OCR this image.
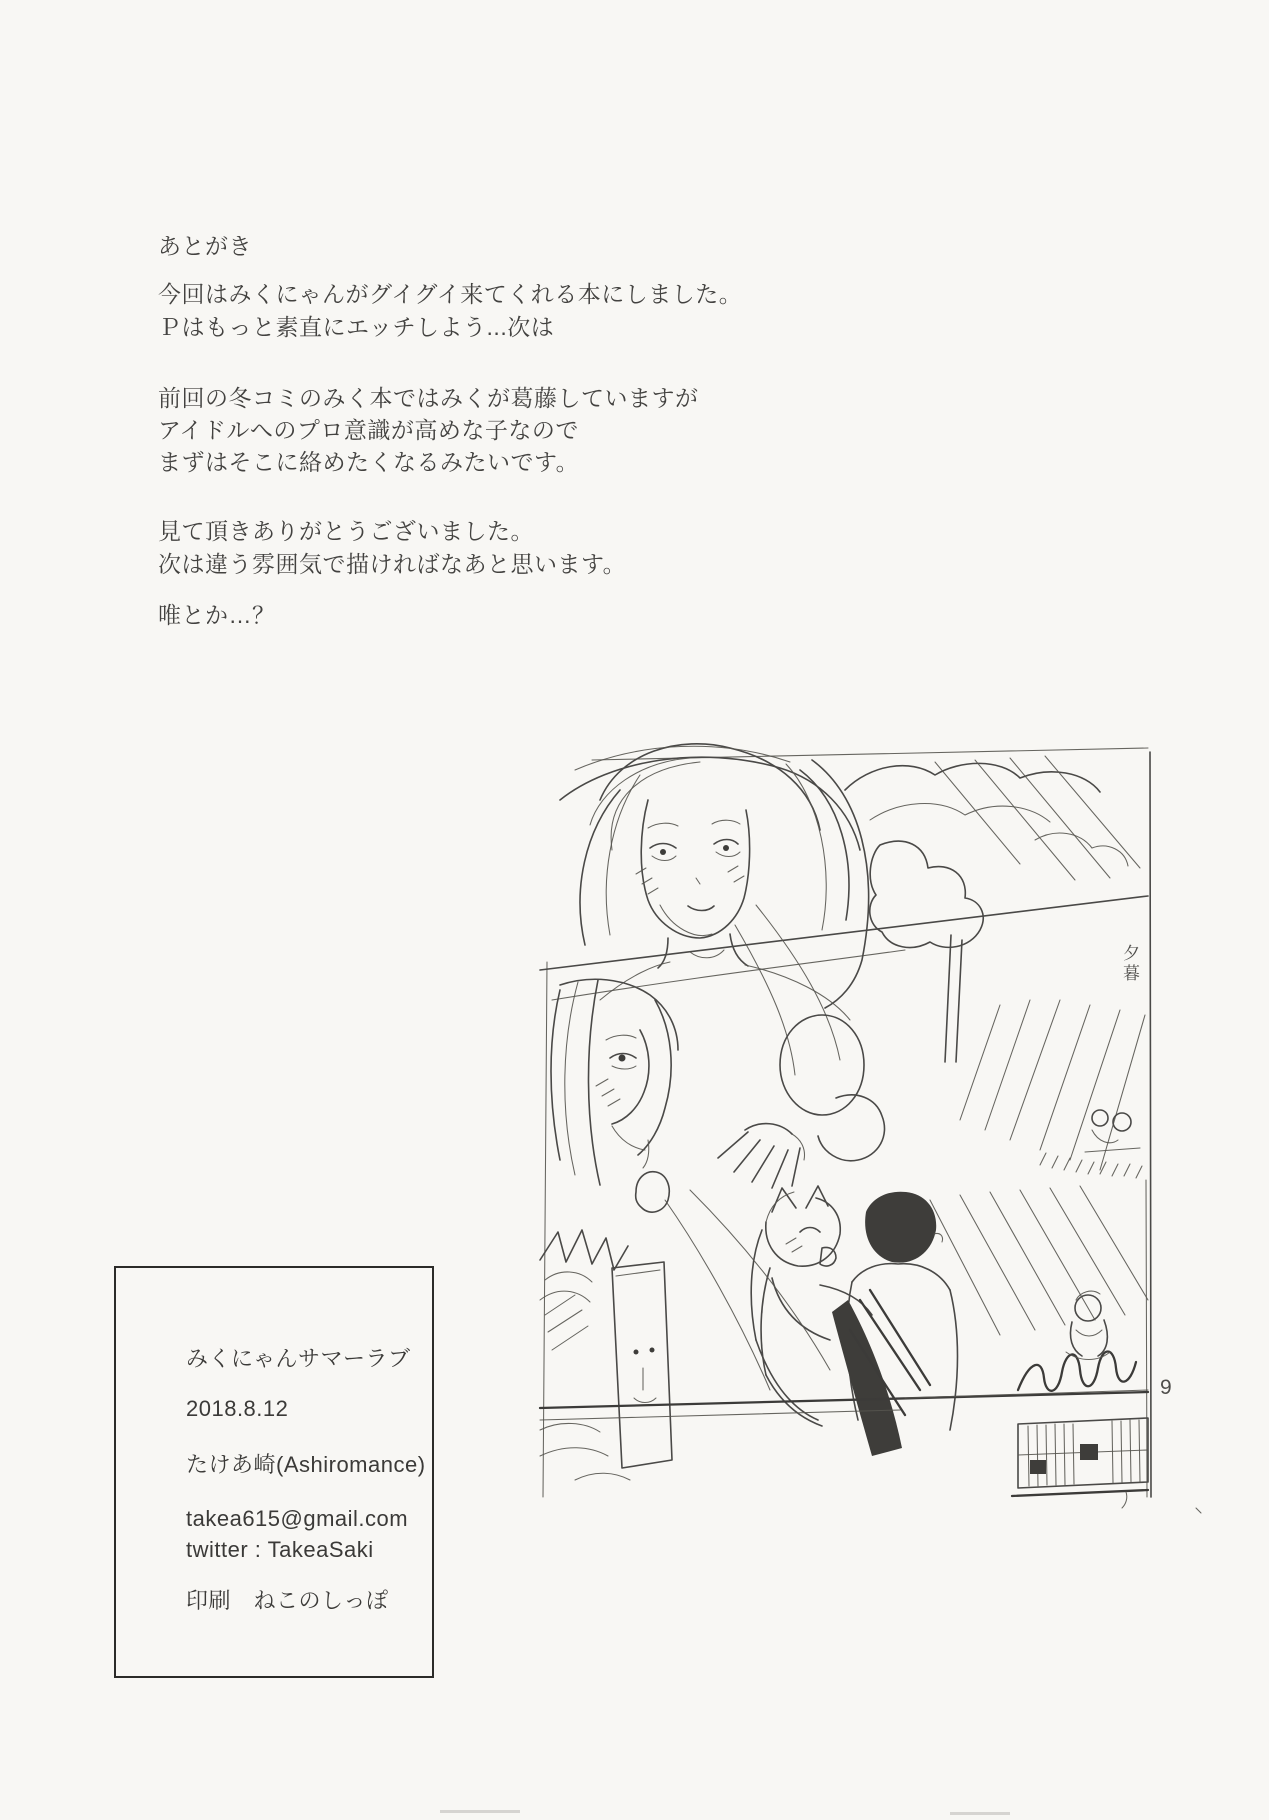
あとがき
今回はみくにゃんがグイグイ来てくれる本にしました。
Ｐはもっと素直にエッチしよう...次は
前回の冬コミのみく本ではみくが葛藤していますが
アイドルへのプロ意識が高めな子なので
まずはそこに絡めたくなるみたいです。
見て頂きありがとうございました。
次は違う雰囲気で描ければなあと思います。
唯とか…？
夕暮
9
みくにゃんサマーラブ
2018.8.12
たけあ崎(Ashiromance)
takea615@gmail.com
twitter : TakeaSaki
印刷　ねこのしっぽ
